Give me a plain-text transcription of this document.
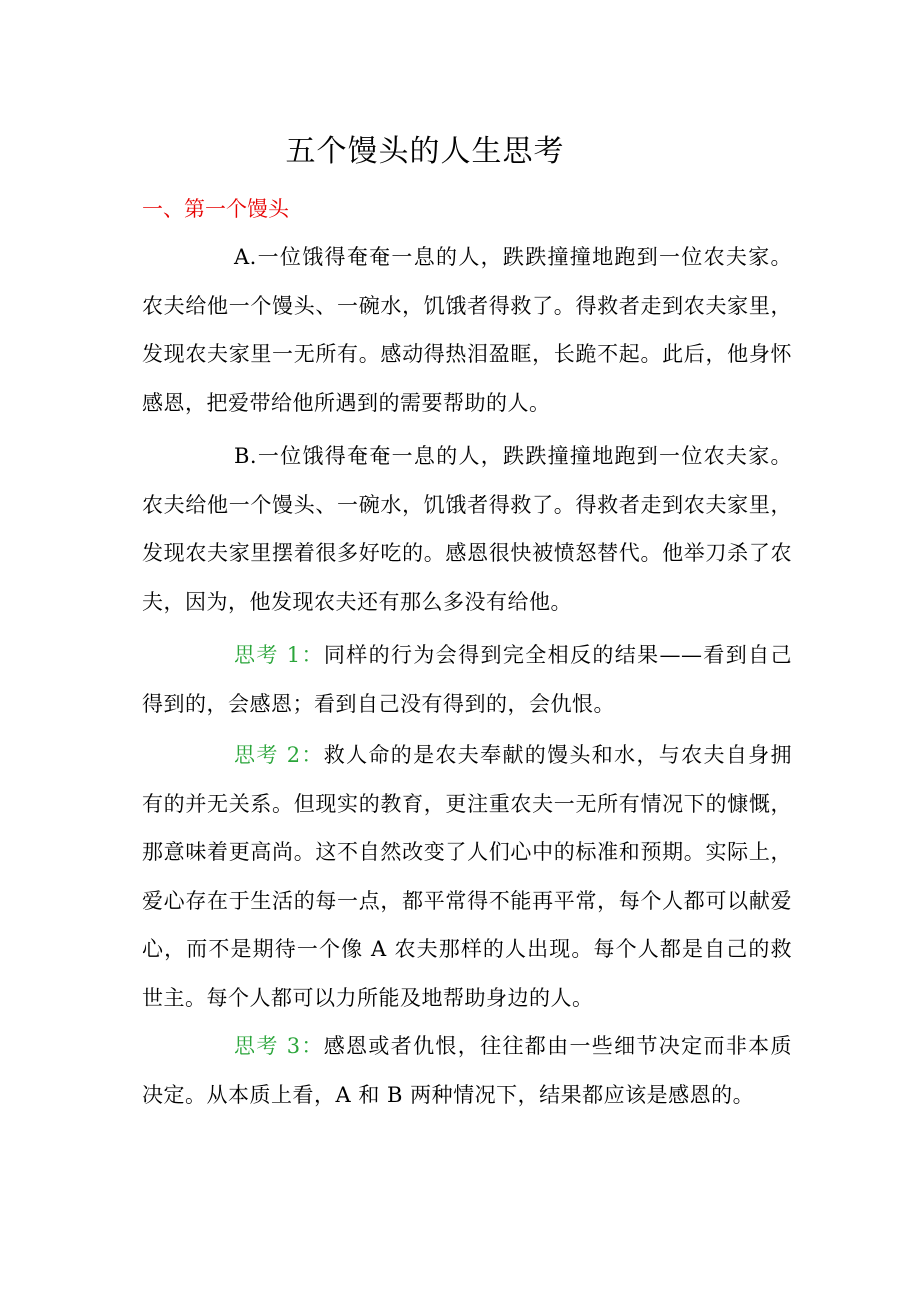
五个馒头的人生思考
一、第一个馒头

A.一位饿得奄奄一息的人，跌跌撞撞地跑到一位农夫家。农夫给他一个馒头、一碗水，饥饿者得救了。得救者走到农夫家里，发现农夫家里一无所有。感动得热泪盈眶，长跪不起。此后，他身怀感恩，把爱带给他所遇到的需要帮助的人。

B.一位饿得奄奄一息的人，跌跌撞撞地跑到一位农夫家。农夫给他一个馒头、一碗水，饥饿者得救了。得救者走到农夫家里，发现农夫家里摆着很多好吃的。感恩很快被愤怒替代。他举刀杀了农夫，因为，他发现农夫还有那么多没有给他。

思考 1：同样的行为会得到完全相反的结果——看到自己得到的，会感恩；看到自己没有得到的，会仇恨。

思考 2：救人命的是农夫奉献的馒头和水，与农夫自身拥有的并无关系。但现实的教育，更注重农夫一无所有情况下的慷慨，那意味着更高尚。这不自然改变了人们心中的标准和预期。实际上，爱心存在于生活的每一点，都平常得不能再平常，每个人都可以献爱心，而不是期待一个像 A 农夫那样的人出现。每个人都是自己的救世主。每个人都可以力所能及地帮助身边的人。

思考 3：感恩或者仇恨，往往都由一些细节决定而非本质决定。从本质上看，A 和 B 两种情况下，结果都应该是感恩的。
